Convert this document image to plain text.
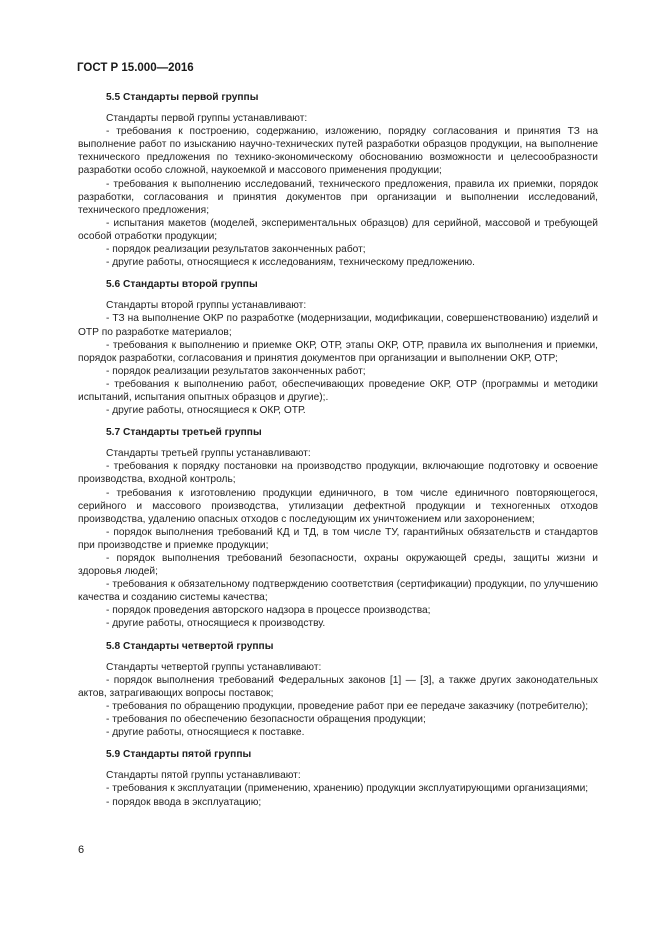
ГОСТ Р 15.000—2016
5.5 Стандарты первой группы
Стандарты первой группы устанавливают:
- требования к построению, содержанию, изложению, порядку согласования и принятия ТЗ на выполнение работ по изысканию научно-технических путей разработки образцов продукции, на выполнение технического предложения по технико-экономическому обоснованию возможности и целесообразности разработки особо сложной, наукоемкой и массового применения продукции;
- требования к выполнению исследований, технического предложения, правила их приемки, порядок разработки, согласования и принятия документов при организации и выполнении исследований, технического предложения;
- испытания макетов (моделей, экспериментальных образцов) для серийной, массовой и требующей особой отработки продукции;
- порядок реализации результатов законченных работ;
- другие работы, относящиеся к исследованиям, техническому предложению.
5.6 Стандарты второй группы
Стандарты второй группы устанавливают:
- ТЗ на выполнение ОКР по разработке (модернизации, модификации, совершенствованию) изделий и ОТР по разработке материалов;
- требования к выполнению и приемке ОКР, ОТР, этапы ОКР, ОТР, правила их выполнения и приемки, порядок разработки, согласования и принятия документов при организации и выполнении ОКР, ОТР;
- порядок реализации результатов законченных работ;
- требования к выполнению работ, обеспечивающих проведение ОКР, ОТР (программы и методики испытаний, испытания опытных образцов и другие);.
- другие работы, относящиеся к ОКР, ОТР.
5.7 Стандарты третьей группы
Стандарты третьей группы устанавливают:
- требования к порядку постановки на производство продукции, включающие подготовку и освоение производства, входной контроль;
- требования к изготовлению продукции единичного, в том числе единичного повторяющегося, серийного и массового производства, утилизации дефектной продукции и техногенных отходов производства, удалению опасных отходов с последующим их уничтожением или захоронением;
- порядок выполнения требований КД и ТД, в том числе ТУ, гарантийных обязательств и стандартов при производстве и приемке продукции;
- порядок выполнения требований безопасности, охраны окружающей среды, защиты жизни и здоровья людей;
- требования к обязательному подтверждению соответствия (сертификации) продукции, по улучшению качества и созданию системы качества;
- порядок проведения авторского надзора в процессе производства;
- другие работы, относящиеся к производству.
5.8 Стандарты четвертой группы
Стандарты четвертой группы устанавливают:
- порядок выполнения требований Федеральных законов [1] — [3], а также других законодательных актов, затрагивающих вопросы поставок;
- требования по обращению продукции, проведение работ при ее передаче заказчику (потребителю);
- требования по обеспечению безопасности обращения продукции;
- другие работы, относящиеся к поставке.
5.9 Стандарты пятой группы
Стандарты пятой группы устанавливают:
- требования к эксплуатации (применению, хранению) продукции эксплуатирующими организациями;
- порядок ввода в эксплуатацию;
6
